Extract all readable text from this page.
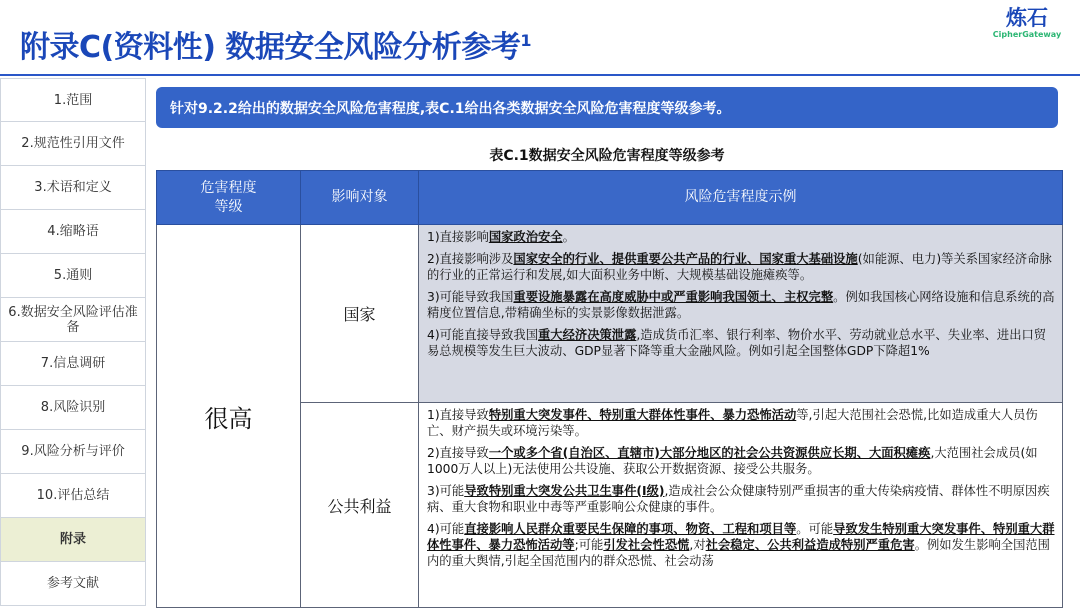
附录C(资料性) 数据安全风险分析参考$^1$
炼石
CipherGateway
1.范围
2.规范性引用文件
3.术语和定义
4.缩略语
5.通则
6.数据安全风险评估准备
7.信息调研
8.风险识别
9.风险分析与评价
10.评估总结
附录
参考文献
针对9.2.2给出的数据安全风险危害程度,表C.1给出各类数据安全风险危害程度等级参考。
表C.1数据安全风险危害程度等级参考
危害程度
等级	影响对象	风险危害程度示例
很高	国家	1)直接影响国家政治安全。

2)直接影响涉及国家安全的行业、提供重要公共产品的行业、国家重大基础设施(如能源、电力)等关系国家经济命脉的行业的正常运行和发展,如大面积业务中断、大规模基础设施瘫痪等。

3)可能导致我国重要设施暴露在高度威胁中或严重影响我国领土、主权完整。例如我国核心网络设施和信息系统的高精度位置信息,带精确坐标的实景影像数据泄露。

4)可能直接导致我国重大经济决策泄露,造成货币汇率、银行利率、物价水平、劳动就业总水平、失业率、进出口贸易总规模等发生巨大波动、GDP显著下降等重大金融风险。例如引起全国整体GDP下降超1%

	公共利益	1)直接导致特别重大突发事件、特别重大群体性事件、暴力恐怖活动等,引起大范围社会恐慌,比如造成重大人员伤亡、财产损失或环境污染等。

2)直接导致一个或多个省(自治区、直辖市)大部分地区的社会公共资源供应长期、大面积瘫痪,大范围社会成员(如1000万人以上)无法使用公共设施、获取公开数据资源、接受公共服务。

3)可能导致特别重大突发公共卫生事件(Ⅰ级),造成社会公众健康特别严重损害的重大传染病疫情、群体性不明原因疾病、重大食物和职业中毒等严重影响公众健康的事件。

4)可能直接影响人民群众重要民生保障的事项、物资、工程和项目等。可能导致发生特别重大突发事件、特别重大群体性事件、暴力恐怖活动等;可能引发社会性恐慌,对社会稳定、公共利益造成特别严重危害。例如发生影响全国范围内的重大舆情,引起全国范围内的群众恐慌、社会动荡
